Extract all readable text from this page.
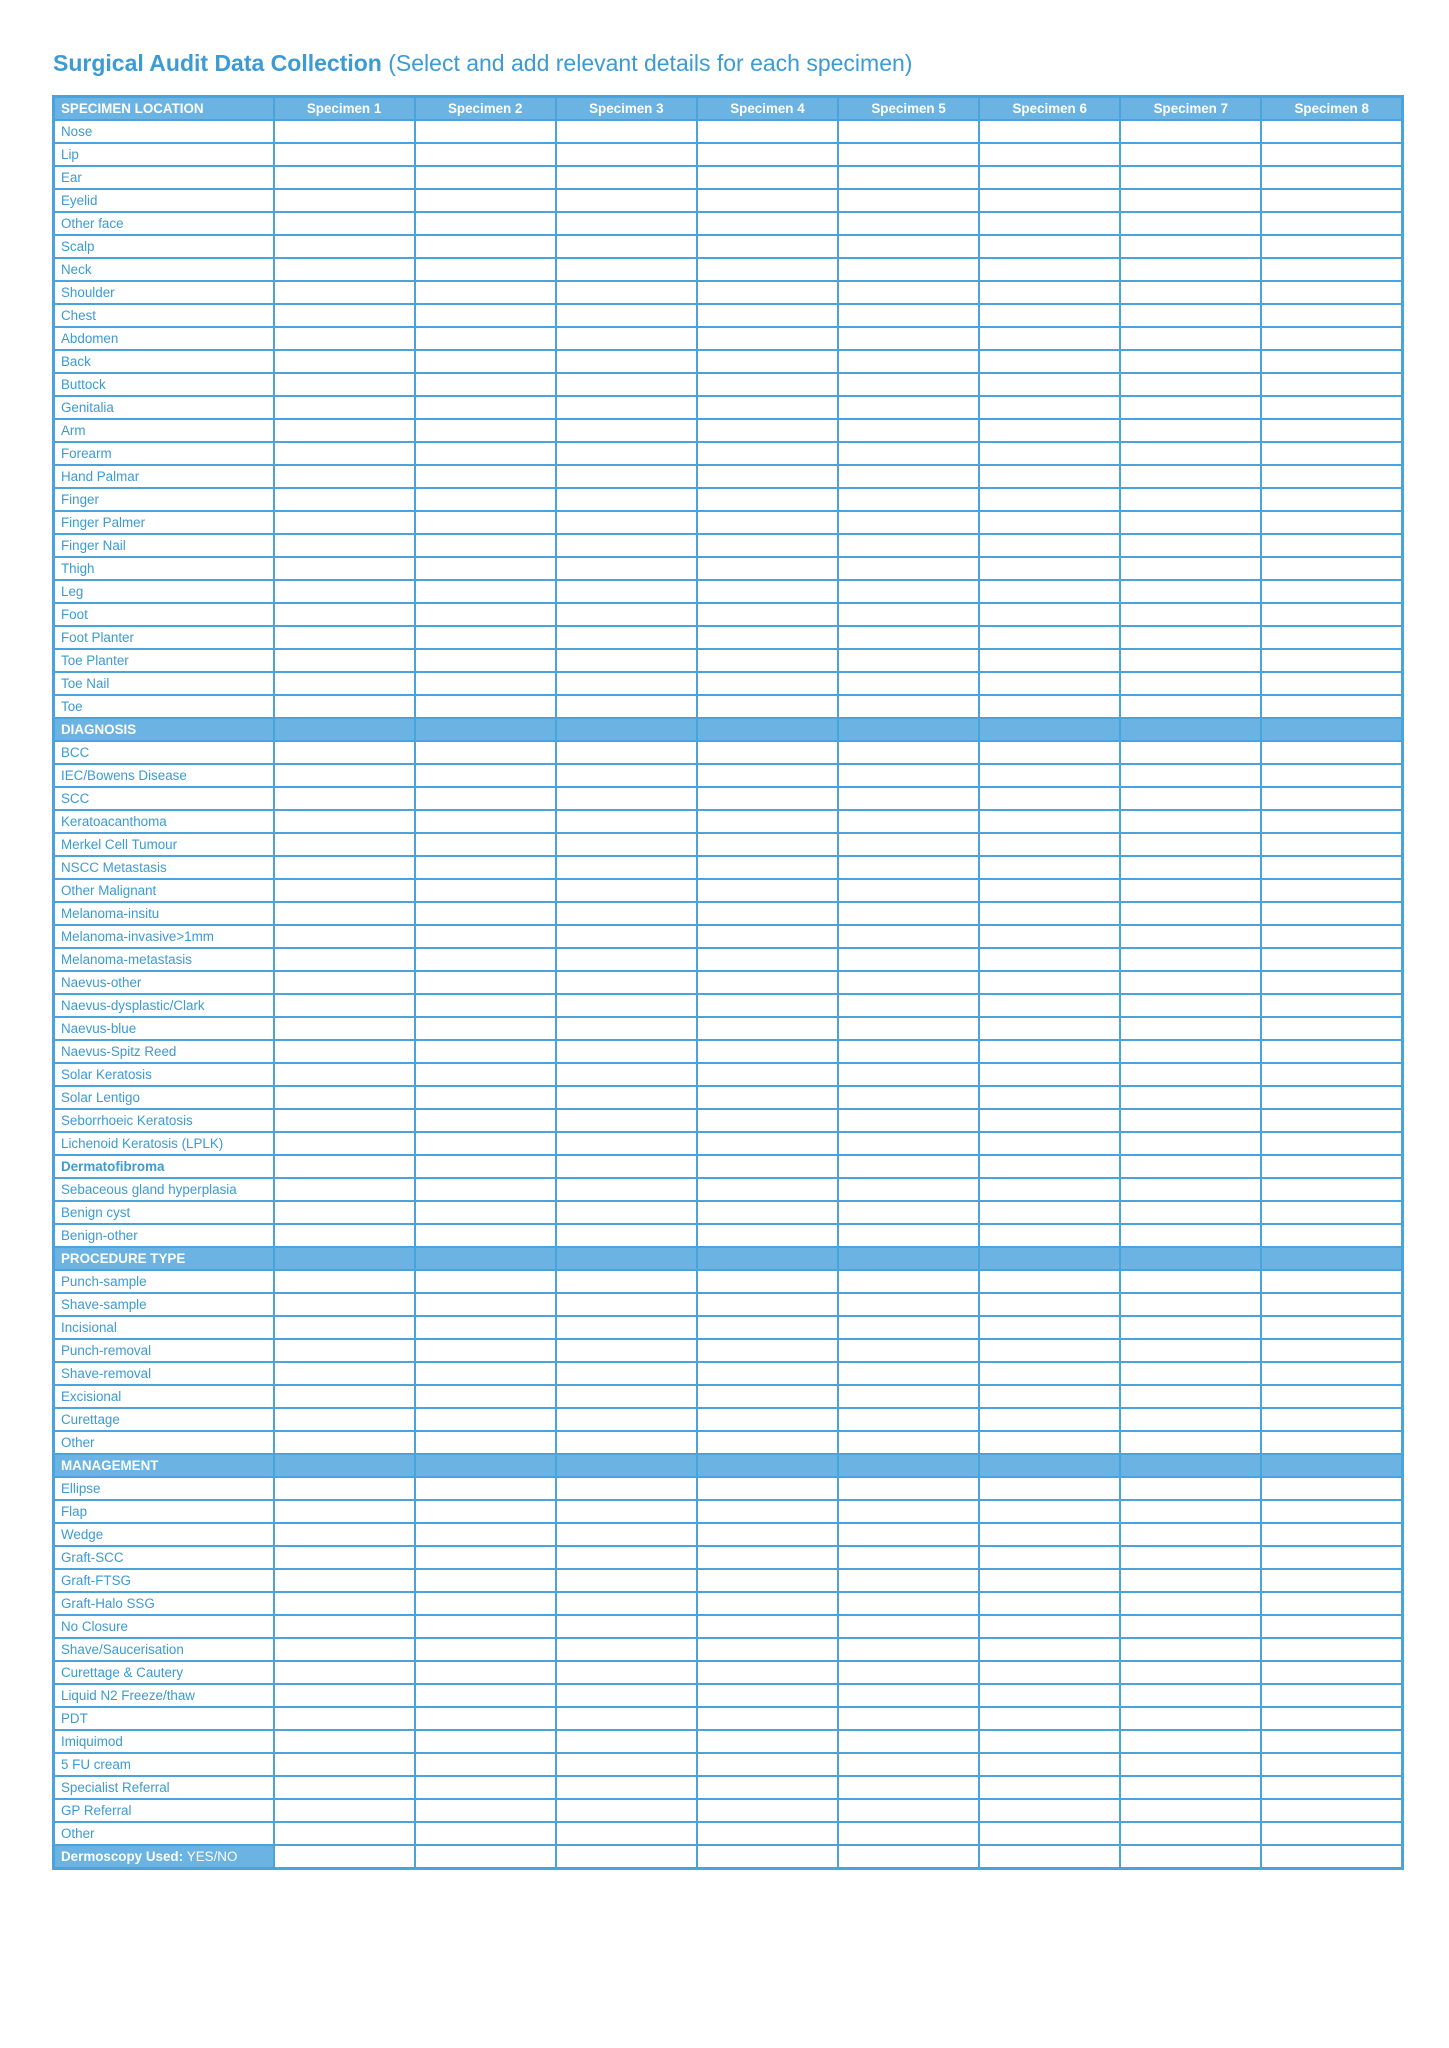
Surgical Audit Data Collection (Select and add relevant details for each specimen)
SPECIMEN LOCATION	Specimen 1	Specimen 2	Specimen 3	Specimen 4	Specimen 5	Specimen 6	Specimen 7	Specimen 8
Nose								
Lip								
Ear								
Eyelid								
Other face								
Scalp								
Neck								
Shoulder								
Chest								
Abdomen								
Back								
Buttock								
Genitalia								
Arm								
Forearm								
Hand Palmar								
Finger								
Finger Palmer								
Finger Nail								
Thigh								
Leg								
Foot								
Foot Planter								
Toe Planter								
Toe Nail								
Toe								
DIAGNOSIS								
BCC								
IEC/Bowens Disease								
SCC								
Keratoacanthoma								
Merkel Cell Tumour								
NSCC Metastasis								
Other Malignant								
Melanoma-insitu								
Melanoma-invasive>1mm								
Melanoma-metastasis								
Naevus-other								
Naevus-dysplastic/Clark								
Naevus-blue								
Naevus-Spitz Reed								
Solar Keratosis								
Solar Lentigo								
Seborrhoeic Keratosis								
Lichenoid Keratosis (LPLK)								
Dermatofibroma								
Sebaceous gland hyperplasia								
Benign cyst								
Benign-other								
PROCEDURE TYPE								
Punch-sample								
Shave-sample								
Incisional								
Punch-removal								
Shave-removal								
Excisional								
Curettage								
Other								
MANAGEMENT								
Ellipse								
Flap								
Wedge								
Graft-SCC								
Graft-FTSG								
Graft-Halo SSG								
No Closure								
Shave/Saucerisation								
Curettage & Cautery								
Liquid N2 Freeze/thaw								
PDT								
Imiquimod								
5 FU cream								
Specialist Referral								
GP Referral								
Other								
Dermoscopy Used: YES/NO								
